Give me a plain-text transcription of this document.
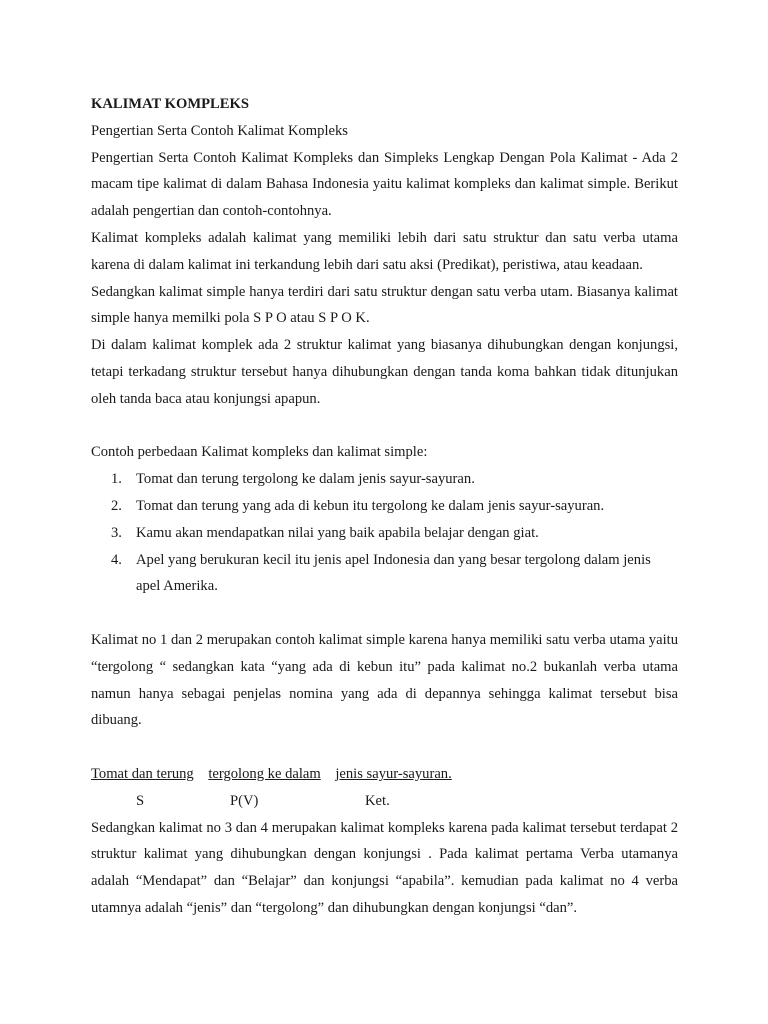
KALIMAT KOMPLEKS
Pengertian Serta Contoh Kalimat Kompleks
Pengertian Serta Contoh Kalimat Kompleks dan Simpleks Lengkap Dengan Pola Kalimat - Ada 2 macam tipe kalimat di dalam Bahasa Indonesia yaitu kalimat kompleks dan kalimat simple. Berikut adalah pengertian dan contoh-contohnya.
Kalimat kompleks adalah kalimat yang memiliki lebih dari satu struktur dan satu verba utama karena di dalam kalimat ini terkandung lebih dari satu aksi (Predikat), peristiwa, atau keadaan.
Sedangkan kalimat simple hanya terdiri dari satu struktur dengan satu verba utam. Biasanya kalimat simple hanya memilki pola S P O atau S P O K.
Di dalam kalimat komplek ada 2 struktur kalimat yang biasanya dihubungkan dengan konjungsi, tetapi terkadang struktur tersebut hanya dihubungkan dengan tanda koma bahkan tidak ditunjukan oleh tanda baca atau konjungsi apapun.
Contoh perbedaan Kalimat kompleks dan kalimat simple:
1. Tomat dan terung tergolong ke dalam jenis sayur-sayuran.
2. Tomat dan terung yang ada di kebun itu tergolong ke dalam jenis sayur-sayuran.
3. Kamu akan mendapatkan nilai yang baik apabila belajar dengan giat.
4. Apel yang berukuran kecil itu jenis apel Indonesia dan yang besar tergolong dalam jenis apel Amerika.
Kalimat no 1 dan 2 merupakan contoh kalimat simple karena hanya memiliki satu verba utama yaitu “tergolong “ sedangkan kata “yang ada di kebun itu” pada kalimat no.2 bukanlah verba utama namun hanya sebagai penjelas nomina yang ada di depannya sehingga kalimat tersebut bisa dibuang.
Tomat dan terung tergolong ke dalam jenis sayur-sayuran.
S	P(V)	Ket.
Sedangkan kalimat no 3 dan 4 merupakan kalimat kompleks karena pada kalimat tersebut terdapat 2 struktur kalimat yang dihubungkan dengan konjungsi . Pada kalimat pertama Verba utamanya adalah “Mendapat” dan “Belajar” dan konjungsi “apabila”. kemudian pada kalimat no 4 verba utamnya adalah “jenis” dan “tergolong” dan dihubungkan dengan konjungsi “dan”.
